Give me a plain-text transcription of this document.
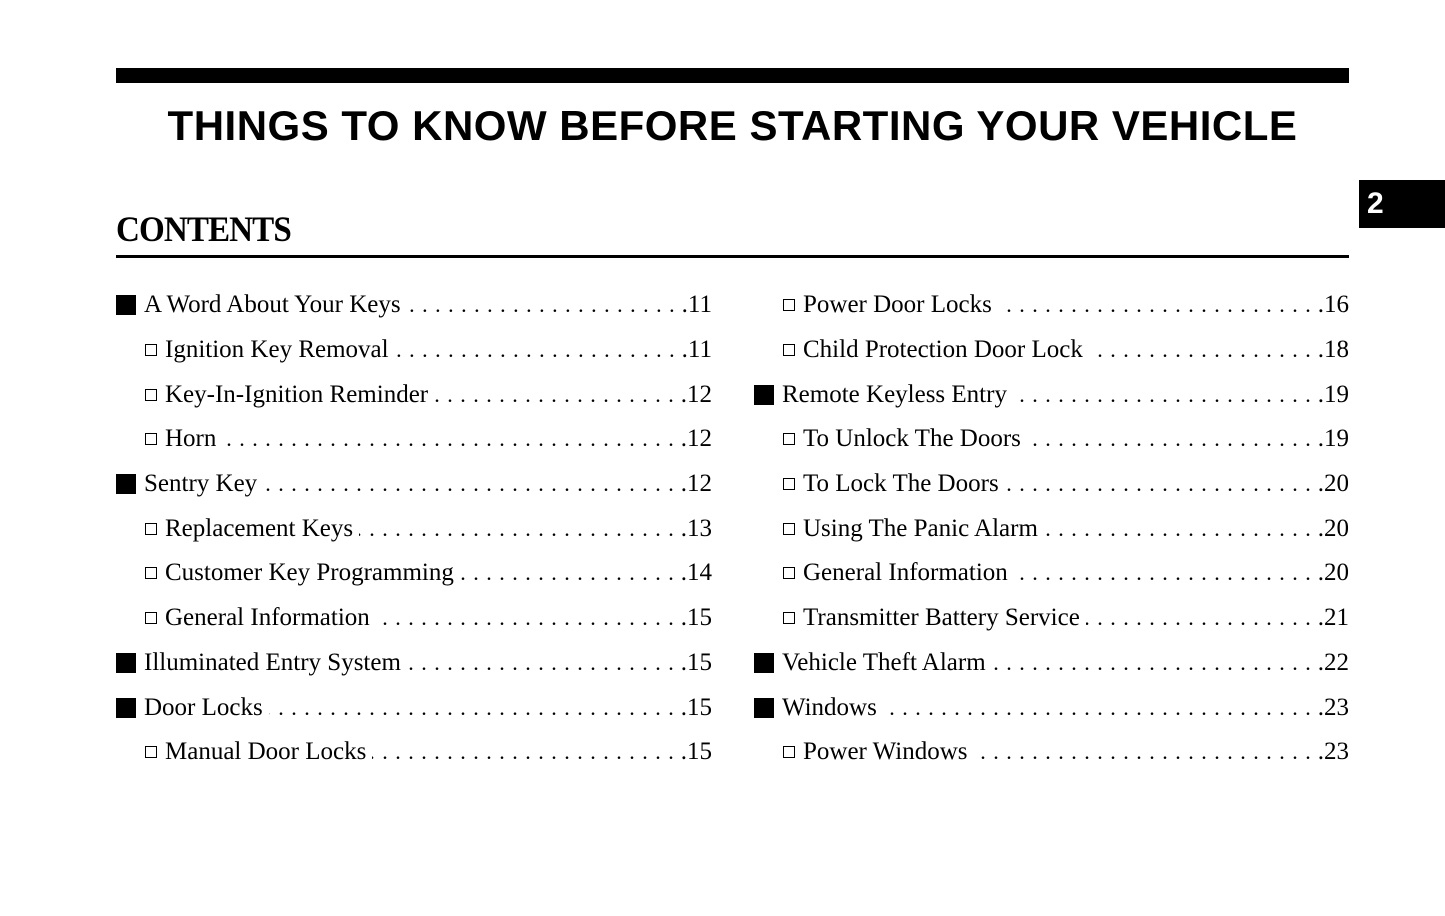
THINGS TO KNOW BEFORE STARTING YOUR VEHICLE
2
CONTENTS
A Word About Your Keys . . .	.11
Ignition Key Removal . . .	.11
Key-In-Ignition Reminder . . .	.12
Horn . . .	.12
Sentry Key . . .	.12
Replacement Keys . . .	.13
Customer Key Programming . . .	.14
General Information . . .	.15
Illuminated Entry System . . .	.15
Door Locks . . .	.15
Manual Door Locks . . .	.15
Power Door Locks . . .	.16
Child Protection Door Lock . . .	.18
Remote Keyless Entry . . .	.19
To Unlock The Doors . . .	.19
To Lock The Doors . . .	.20
Using The Panic Alarm . . .	.20
General Information . . .	.20
Transmitter Battery Service . . .	.21
Vehicle Theft Alarm . . .	.22
Windows . . .	.23
Power Windows . . .	.23
